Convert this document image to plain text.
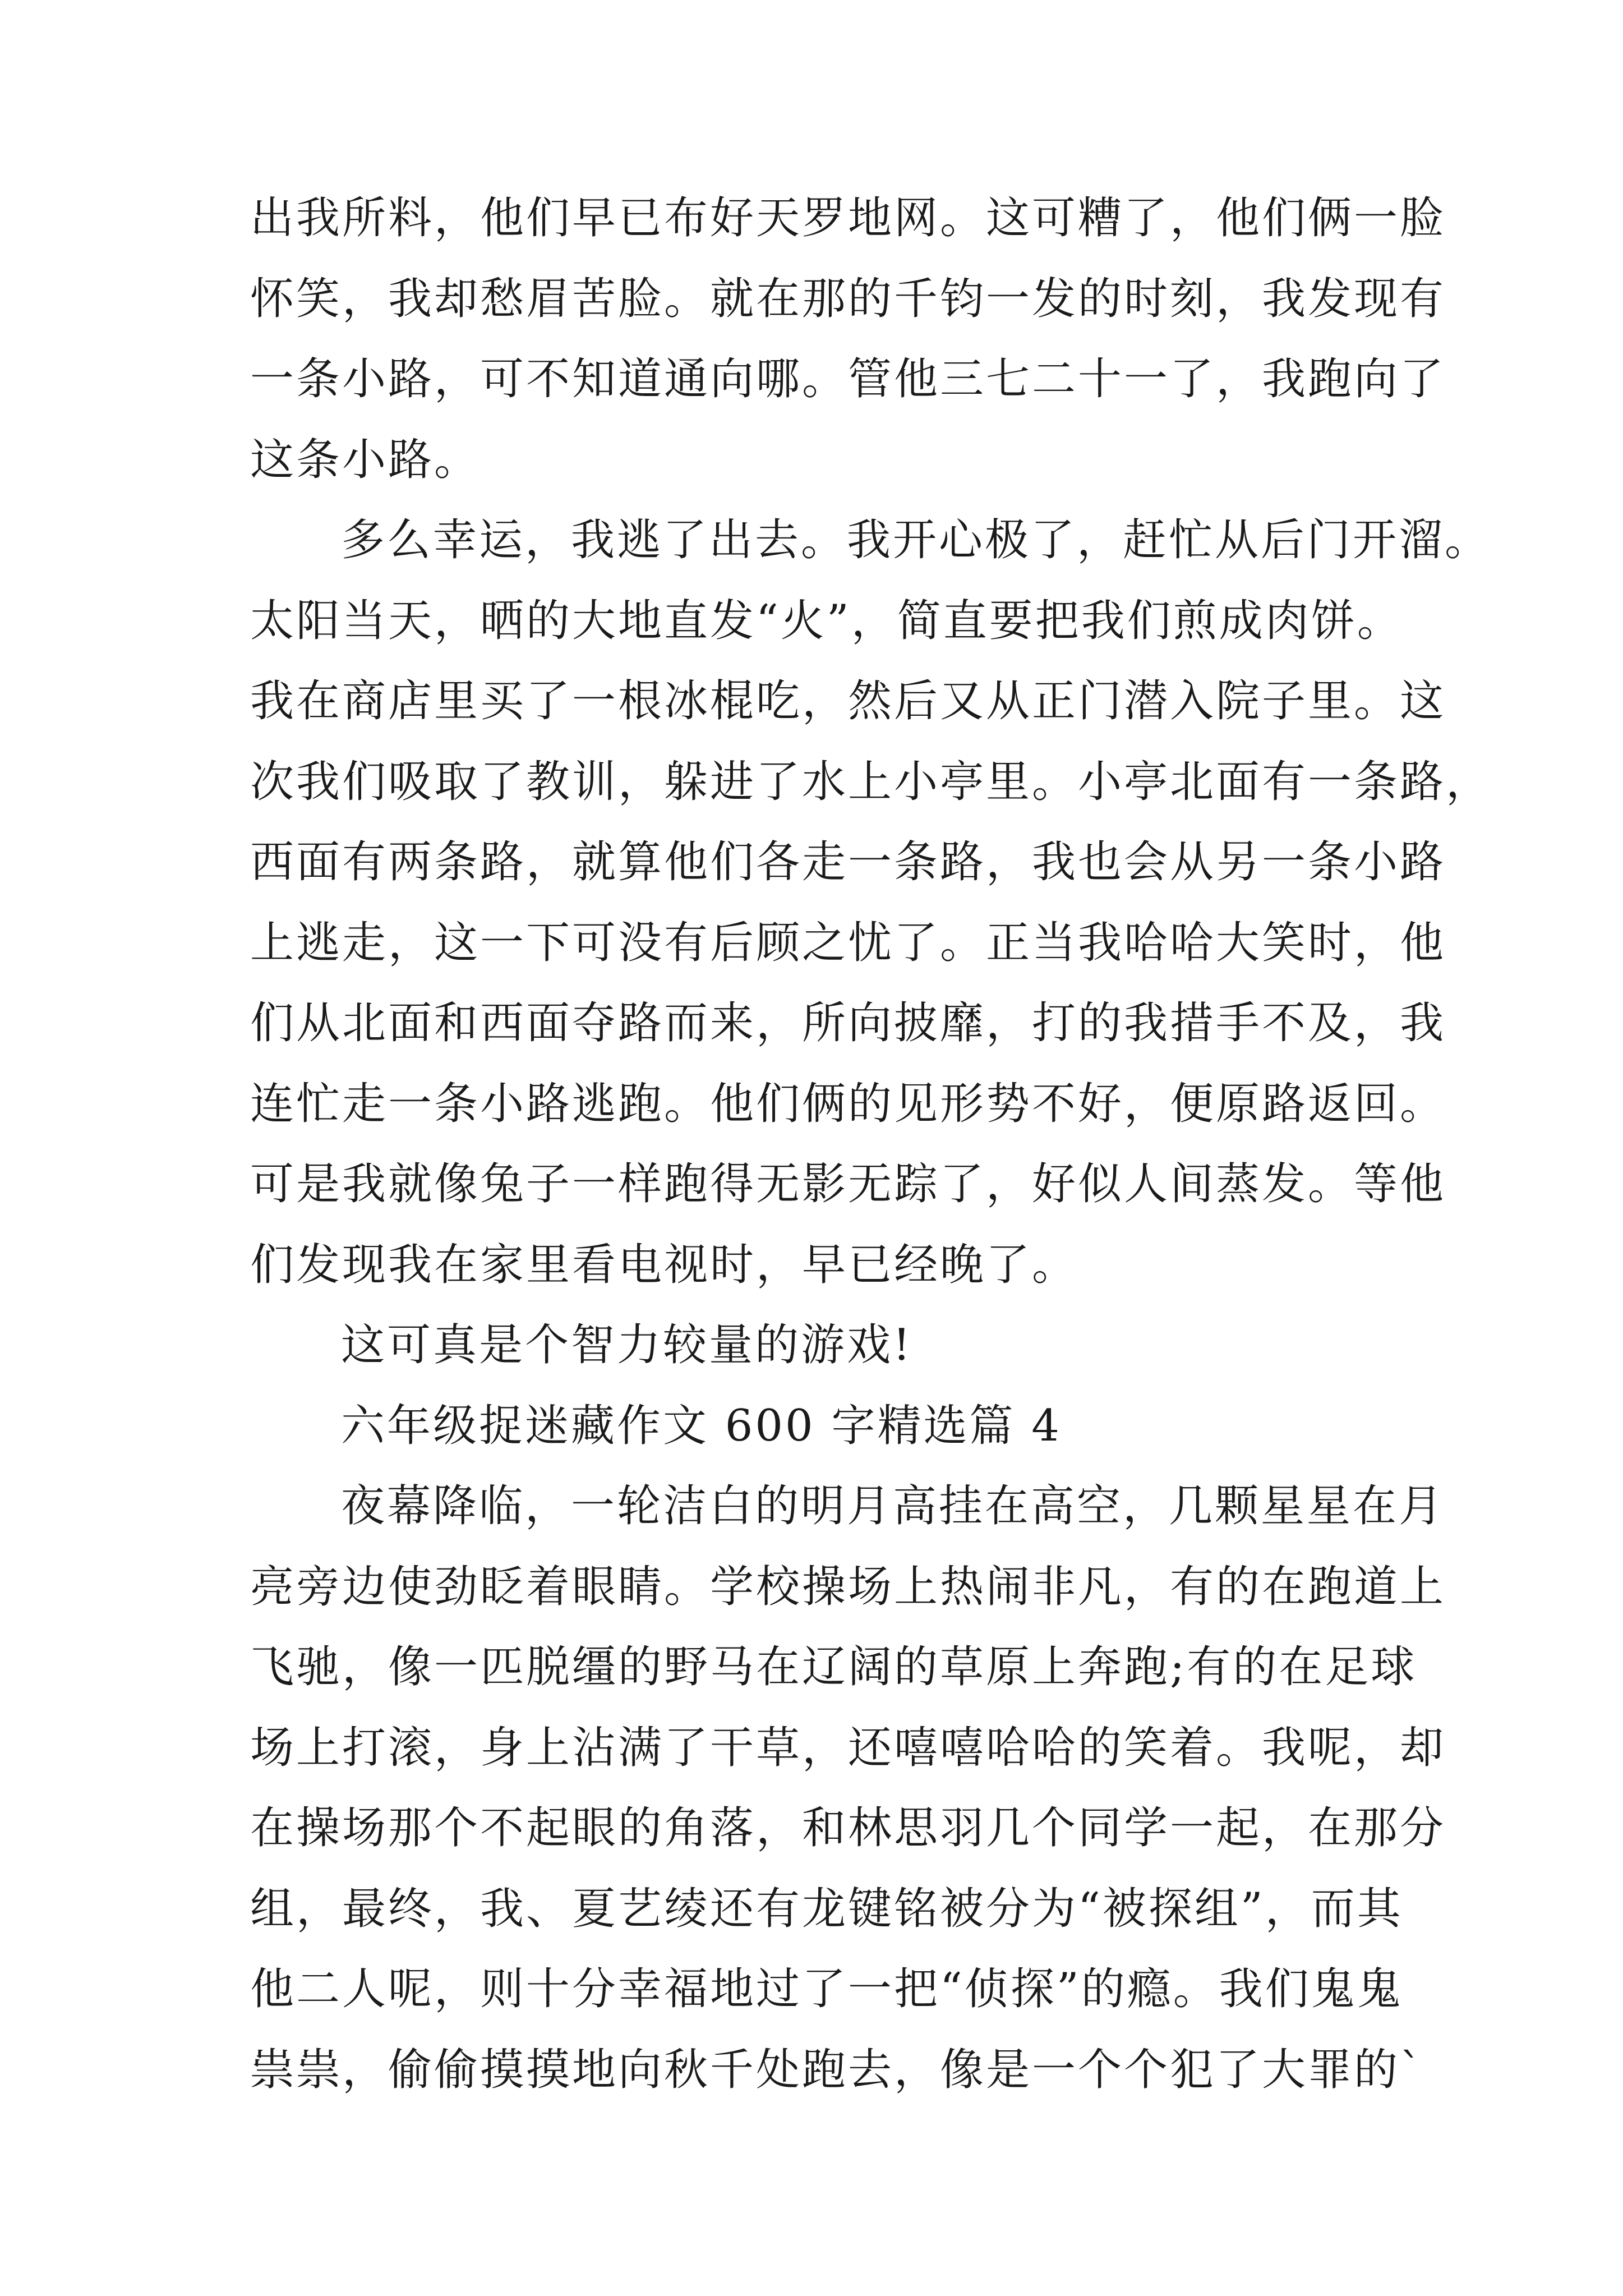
出我所料，他们早已布好天罗地网。这可糟了，他们俩一脸
怀笑，我却愁眉苦脸。就在那的千钧一发的时刻，我发现有
一条小路，可不知道通向哪。管他三七二十一了，我跑向了
这条小路。
多么幸运，我逃了出去。我开心极了，赶忙从后门开溜。
太阳当天，晒的大地直发“火”，简直要把我们煎成肉饼。
我在商店里买了一根冰棍吃，然后又从正门潜入院子里。这
次我们吸取了教训，躲进了水上小亭里。小亭北面有一条路，
西面有两条路，就算他们各走一条路，我也会从另一条小路
上逃走，这一下可没有后顾之忧了。正当我哈哈大笑时，他
们从北面和西面夺路而来，所向披靡，打的我措手不及，我
连忙走一条小路逃跑。他们俩的见形势不好，便原路返回。
可是我就像兔子一样跑得无影无踪了，好似人间蒸发。等他
们发现我在家里看电视时，早已经晚了。
这可真是个智力较量的游戏!
六年级捉迷藏作文 600 字精选篇 4
夜幕降临，一轮洁白的明月高挂在高空，几颗星星在月
亮旁边使劲眨着眼睛。学校操场上热闹非凡，有的在跑道上
飞驰，像一匹脱缰的野马在辽阔的草原上奔跑;有的在足球
场上打滚，身上沾满了干草，还嘻嘻哈哈的笑着。我呢，却
在操场那个不起眼的角落，和林思羽几个同学一起，在那分
组，最终，我、夏艺绫还有龙键铭被分为“被探组”，而其
他二人呢，则十分幸福地过了一把“侦探”的瘾。我们鬼鬼
祟祟，偷偷摸摸地向秋千处跑去，像是一个个犯了大罪的`
